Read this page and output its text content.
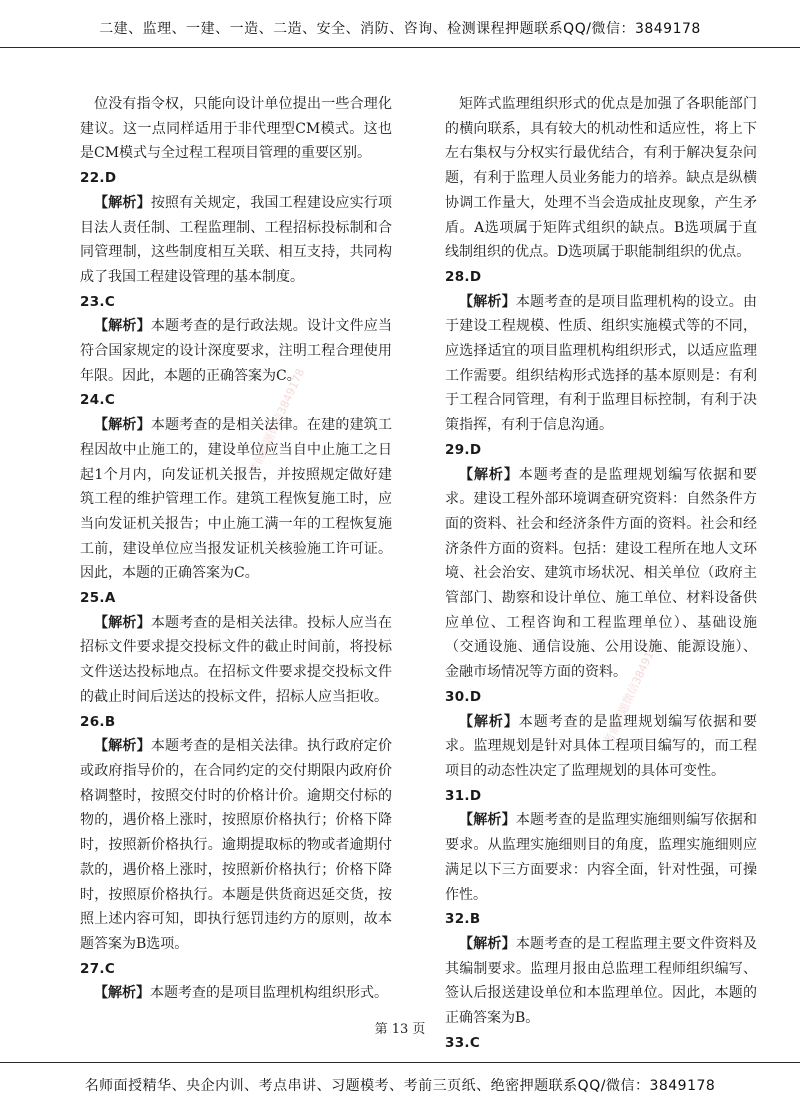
二建、监理、一建、一造、二造、安全、消防、咨询、检测课程押题联系QQ/微信：3849178
考前押题微信3849178
考前押题微信3849178

位没有指令权，只能向设计单位提出一些合理化建议。这一点同样适用于非代理型CM模式。这也是CM模式与全过程工程项目管理的重要区别。

22.D

【解析】按照有关规定，我国工程建设应实行项目法人责任制、工程监理制、工程招标投标制和合同管理制，这些制度相互关联、相互支持，共同构成了我国工程建设管理的基本制度。

23.C

【解析】本题考查的是行政法规。设计文件应当符合国家规定的设计深度要求，注明工程合理使用年限。因此，本题的正确答案为C。

24.C

【解析】本题考查的是相关法律。在建的建筑工程因故中止施工的，建设单位应当自中止施工之日起1个月内，向发证机关报告，并按照规定做好建筑工程的维护管理工作。建筑工程恢复施工时，应当向发证机关报告；中止施工满一年的工程恢复施工前，建设单位应当报发证机关核验施工许可证。因此，本题的正确答案为C。

25.A

【解析】本题考查的是相关法律。投标人应当在招标文件要求提交投标文件的截止时间前，将投标文件送达投标地点。在招标文件要求提交投标文件的截止时间后送达的投标文件，招标人应当拒收。

26.B

【解析】本题考查的是相关法律。执行政府定价或政府指导价的，在合同约定的交付期限内政府价格调整时，按照交付时的价格计价。逾期交付标的物的，遇价格上涨时，按照原价格执行；价格下降时，按照新价格执行。逾期提取标的物或者逾期付款的，遇价格上涨时，按照新价格执行；价格下降时，按照原价格执行。本题是供货商迟延交货，按照上述内容可知，即执行惩罚违约方的原则，故本题答案为B选项。

27.C

【解析】本题考查的是项目监理机构组织形式。

矩阵式监理组织形式的优点是加强了各职能部门的横向联系，具有较大的机动性和适应性，将上下左右集权与分权实行最优结合，有利于解决复杂问题，有利于监理人员业务能力的培养。缺点是纵横协调工作量大，处理不当会造成扯皮现象，产生矛盾。A选项属于矩阵式组织的缺点。B选项属于直线制组织的优点。D选项属于职能制组织的优点。

28.D

【解析】本题考查的是项目监理机构的设立。由于建设工程规模、性质、组织实施模式等的不同，应选择适宜的项目监理机构组织形式，以适应监理工作需要。组织结构形式选择的基本原则是：有利于工程合同管理，有利于监理目标控制，有利于决策指挥，有利于信息沟通。

29.D

【解析】本题考查的是监理规划编写依据和要求。建设工程外部环境调查研究资料：自然条件方面的资料、社会和经济条件方面的资料。社会和经济条件方面的资料。包括：建设工程所在地人文环境、社会治安、建筑市场状况、相关单位（政府主管部门、勘察和设计单位、施工单位、材料设备供应单位、工程咨询和工程监理单位）、基础设施（交通设施、通信设施、公用设施、能源设施）、金融市场情况等方面的资料。

30.D

【解析】本题考查的是监理规划编写依据和要求。监理规划是针对具体工程项目编写的，而工程项目的动态性决定了监理规划的具体可变性。

31.D

【解析】本题考查的是监理实施细则编写依据和要求。从监理实施细则目的角度，监理实施细则应满足以下三方面要求：内容全面，针对性强，可操作性。

32.B

【解析】本题考查的是工程监理主要文件资料及其编制要求。监理月报由总监理工程师组织编写、签认后报送建设单位和本监理单位。因此，本题的正确答案为B。

33.C

第 13 页
名师面授精华、央企内训、考点串讲、习题模考、考前三页纸、绝密押题联系QQ/微信：3849178
